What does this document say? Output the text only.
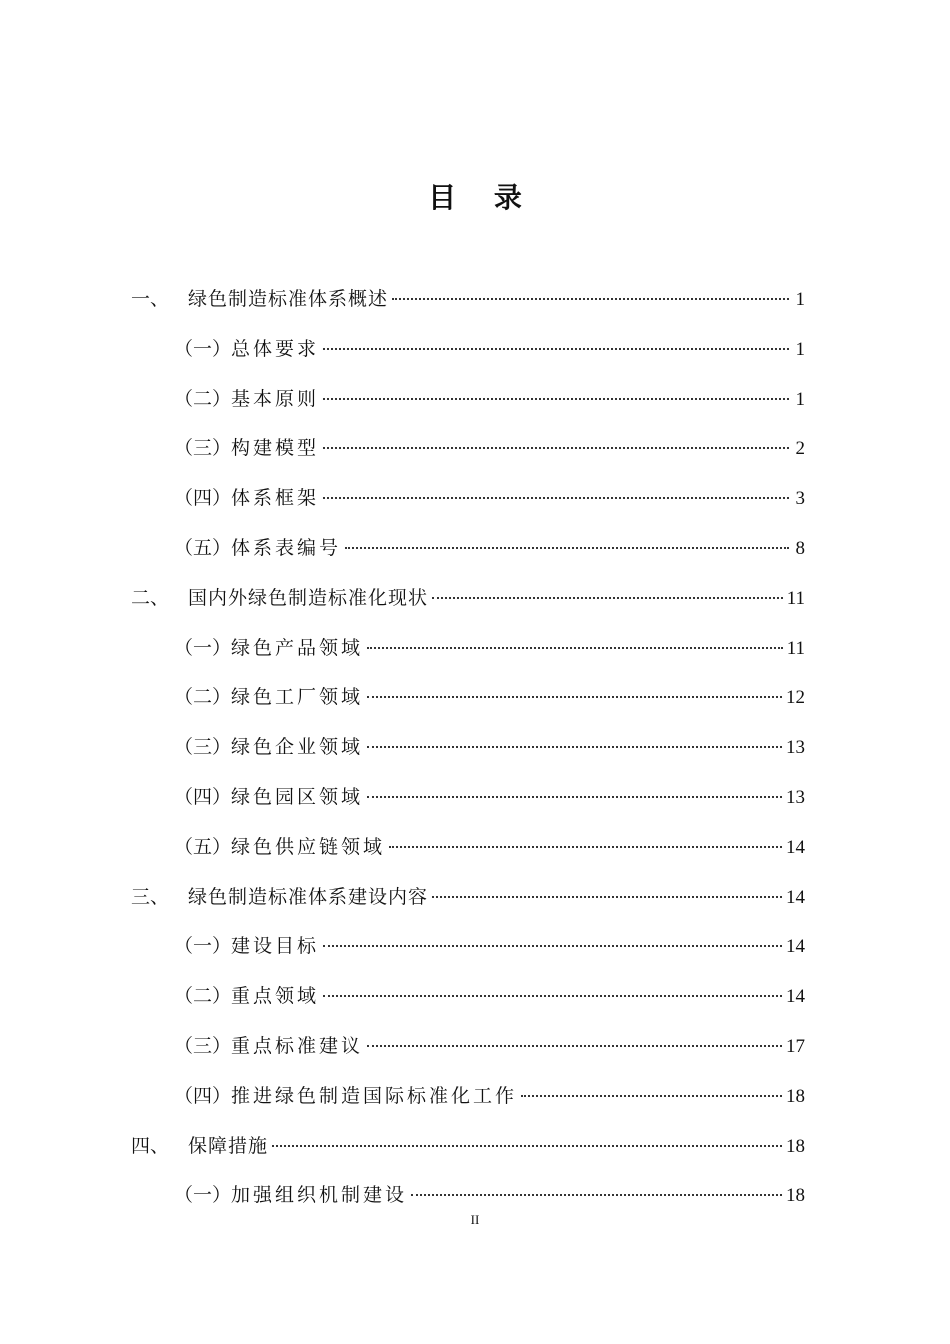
目 录
一、 绿色制造标准体系概述	1
（一） 总体要求	1
（二） 基本原则	1
（三） 构建模型	2
（四） 体系框架	3
（五） 体系表编号	8
二、 国内外绿色制造标准化现状	11
（一） 绿色产品领域	11
（二） 绿色工厂领域	12
（三） 绿色企业领域	13
（四） 绿色园区领域	13
（五） 绿色供应链领域	14
三、 绿色制造标准体系建设内容	14
（一） 建设目标	14
（二） 重点领域	14
（三） 重点标准建议	17
（四） 推进绿色制造国际标准化工作	18
四、 保障措施	18
（一） 加强组织机制建设	18
II
